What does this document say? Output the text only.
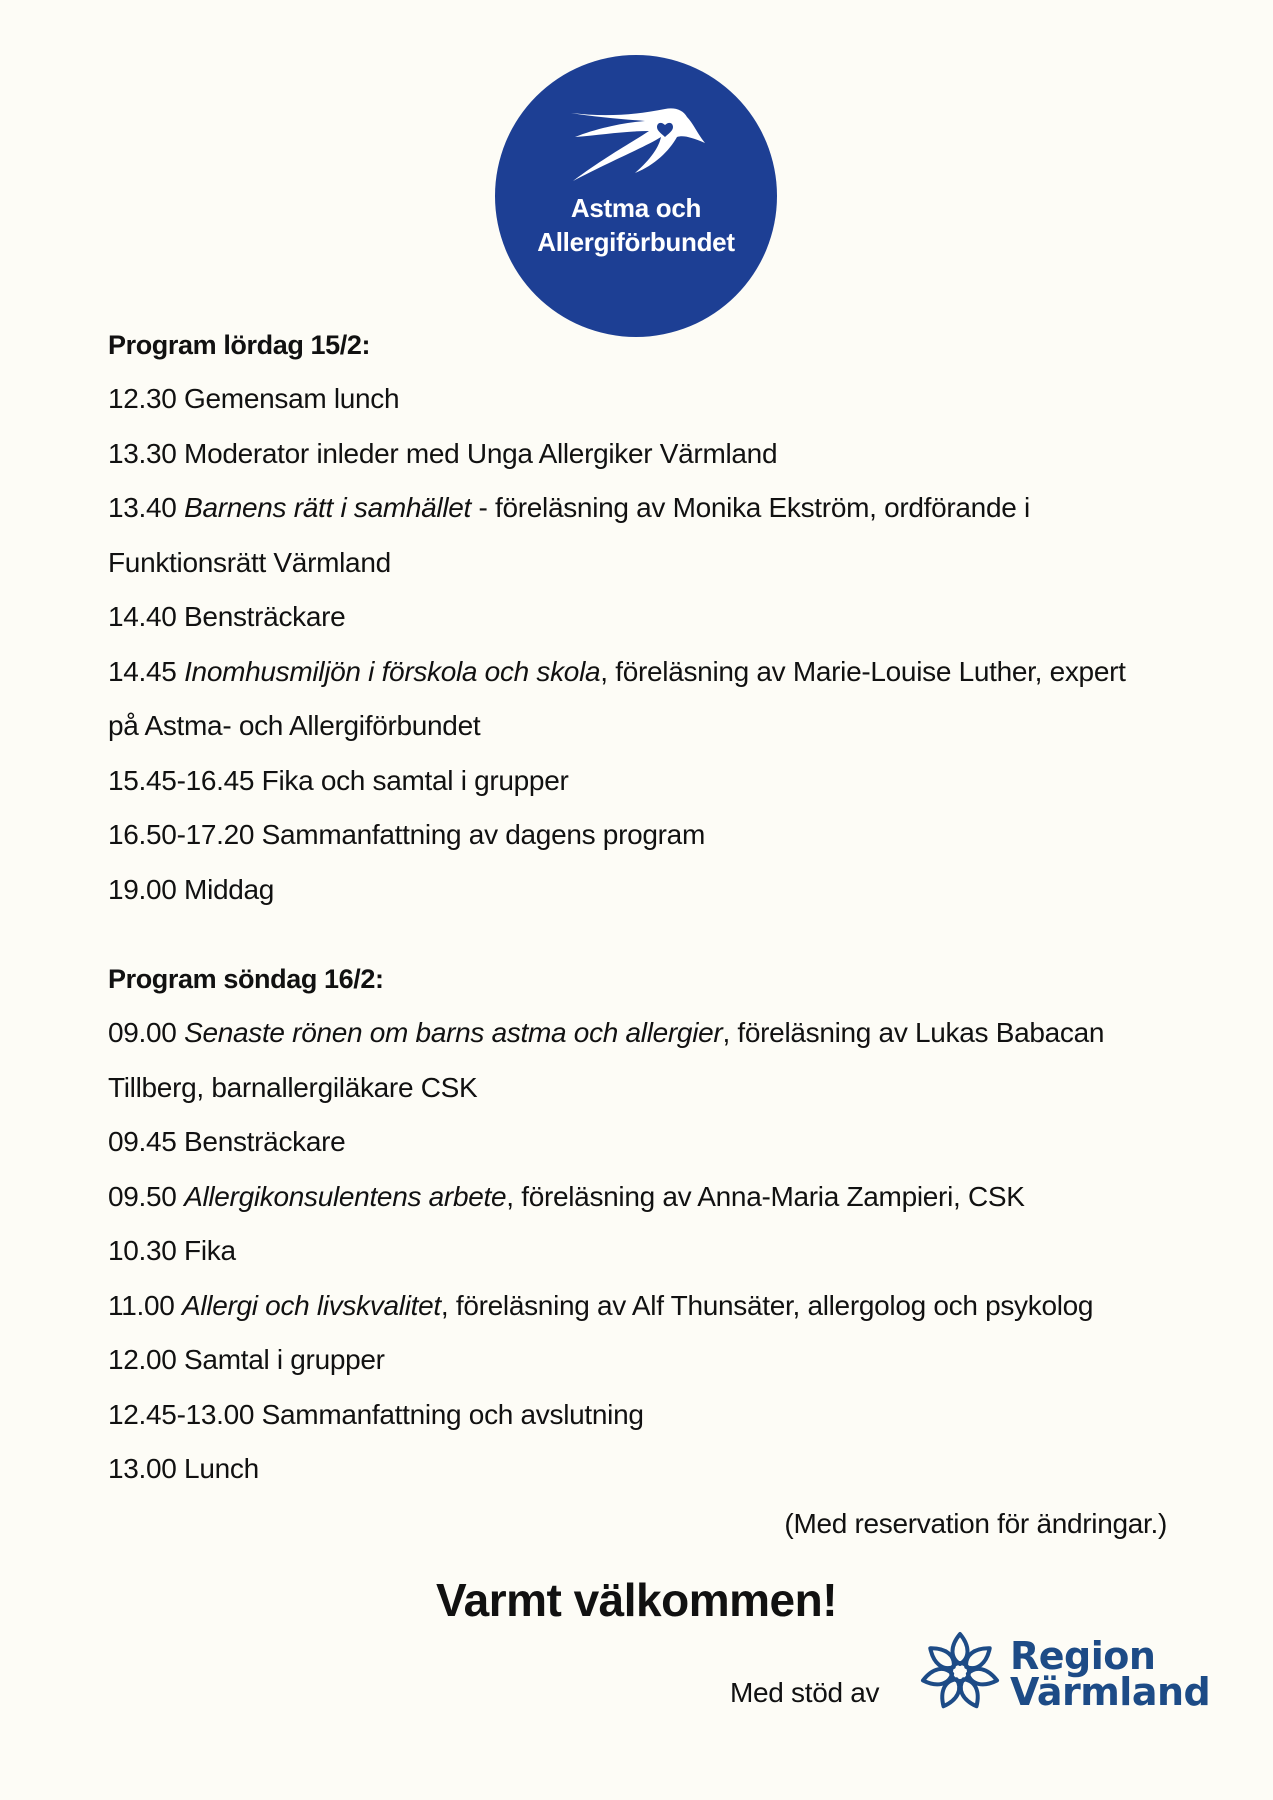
Astma och
Allergiförbundet
Program lördag 15/2:
12.30 Gemensam lunch
13.30 Moderator inleder med Unga Allergiker Värmland
13.40 Barnens rätt i samhället - föreläsning av Monika Ekström, ordförande i
Funktionsrätt Värmland
14.40 Bensträckare
14.45 Inomhusmiljön i förskola och skola, föreläsning av Marie-Louise Luther, expert
på Astma- och Allergiförbundet
15.45-16.45 Fika och samtal i grupper
16.50-17.20 Sammanfattning av dagens program
19.00 Middag
Program söndag 16/2:
09.00 Senaste rönen om barns astma och allergier, föreläsning av Lukas Babacan
Tillberg, barnallergiläkare CSK
09.45 Bensträckare
09.50 Allergikonsulentens arbete, föreläsning av Anna-Maria Zampieri, CSK
10.30 Fika
11.00 Allergi och livskvalitet, föreläsning av Alf Thunsäter, allergolog och psykolog
12.00 Samtal i grupper
12.45-13.00 Sammanfattning och avslutning
13.00 Lunch
(Med reservation för ändringar.)
Varmt välkommen!
Med stöd av
Region
Värmland
